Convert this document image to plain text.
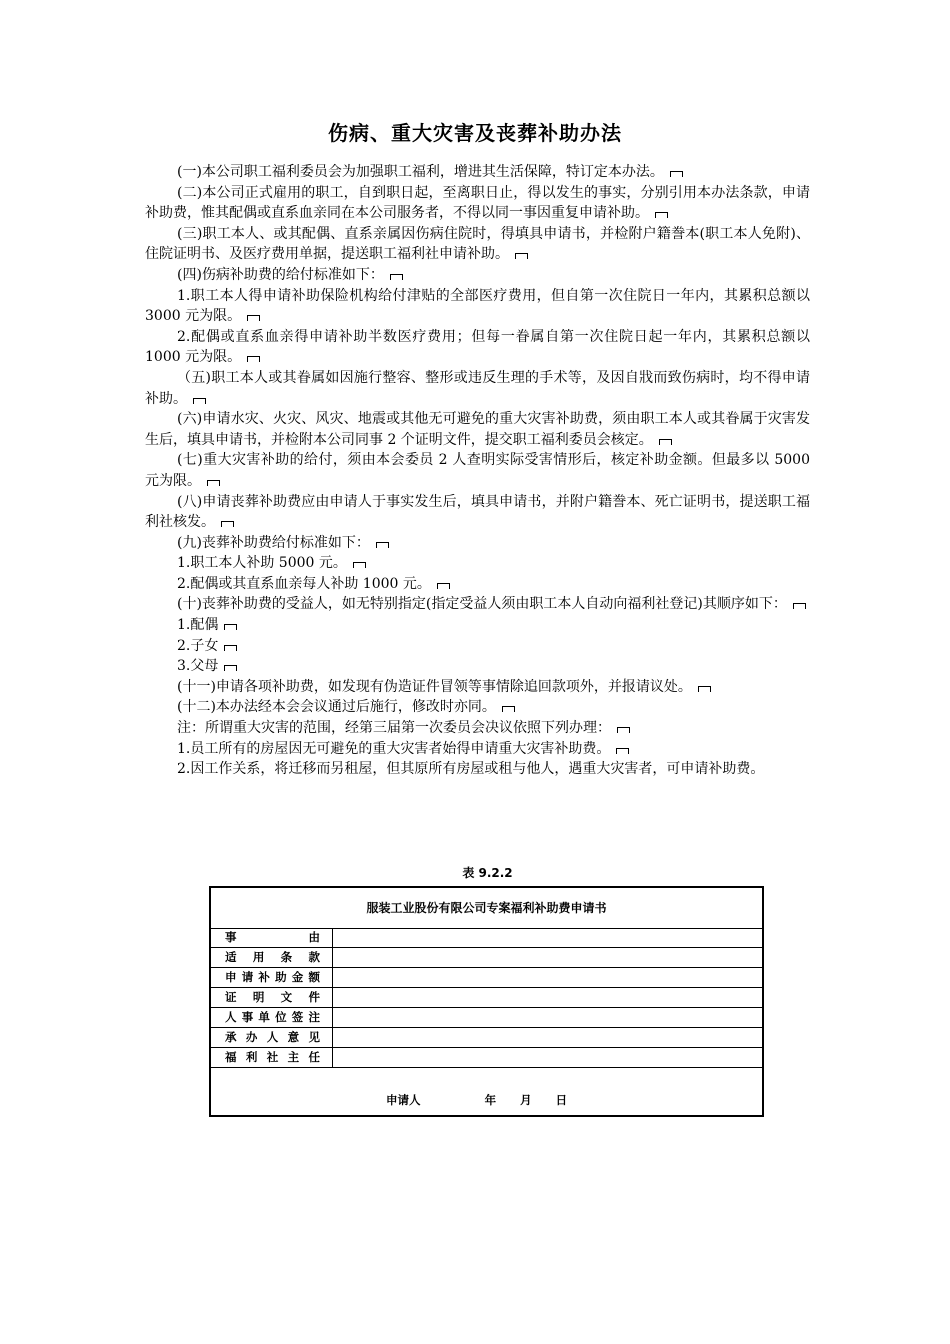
伤病、重大灾害及丧葬补助办法

(一)本公司职工福利委员会为加强职工福利，增进其生活保障，特订定本办法。

(二)本公司正式雇用的职工，自到职日起，至离职日止，得以发生的事实，分别引用本办法条款，申请补助费，惟其配偶或直系血亲同在本公司服务者，不得以同一事因重复申请补助。

(三)职工本人、或其配偶、直系亲属因伤病住院时，得填具申请书，并检附户籍誊本(职工本人免附)、住院证明书、及医疗费用单据，提送职工福利社申请补助。

(四)伤病补助费的给付标准如下：

1.职工本人得申请补助保险机构给付津贴的全部医疗费用，但自第一次住院日一年内，其累积总额以 3000 元为限。

2.配偶或直系血亲得申请补助半数医疗费用；但每一眷属自第一次住院日起一年内，其累积总额以 1000 元为限。

（五)职工本人或其眷属如因施行整容、整形或违反生理的手术等，及因自戕而致伤病时，均不得申请补助。

(六)申请水灾、火灾、风灾、地震或其他无可避免的重大灾害补助费，须由职工本人或其眷属于灾害发生后，填具申请书，并检附本公司同事 2 个证明文件，提交职工福利委员会核定。

(七)重大灾害补助的给付，须由本会委员 2 人查明实际受害情形后，核定补助金额。但最多以 5000 元为限。

(八)申请丧葬补助费应由申请人于事实发生后，填具申请书，并附户籍誊本、死亡证明书，提送职工福利社核发。

(九)丧葬补助费给付标准如下：

1.职工本人补助 5000 元。

2.配偶或其直系血亲每人补助 1000 元。

(十)丧葬补助费的受益人，如无特别指定(指定受益人须由职工本人自动向福利社登记)其顺序如下：

1.配偶

2.子女

3.父母

(十一)申请各项补助费，如发现有伪造证件冒领等事情除追回款项外，并报请议处。

(十二)本办法经本会会议通过后施行，修改时亦同。

注：所谓重大灾害的范围，经第三届第一次委员会决议依照下列办理：

1.员工所有的房屋因无可避免的重大灾害者始得申请重大灾害补助费。

2.因工作关系，将迁移而另租屋，但其原所有房屋或租与他人，遇重大灾害者，可申请补助费。

表 9.2.2
服装工业股份有限公司专案福利补助费申请书
事由
适用条款
申请补助金额
证明文件
人事单位签注
承办人意见
福利社主任
申请人	年 月 日
